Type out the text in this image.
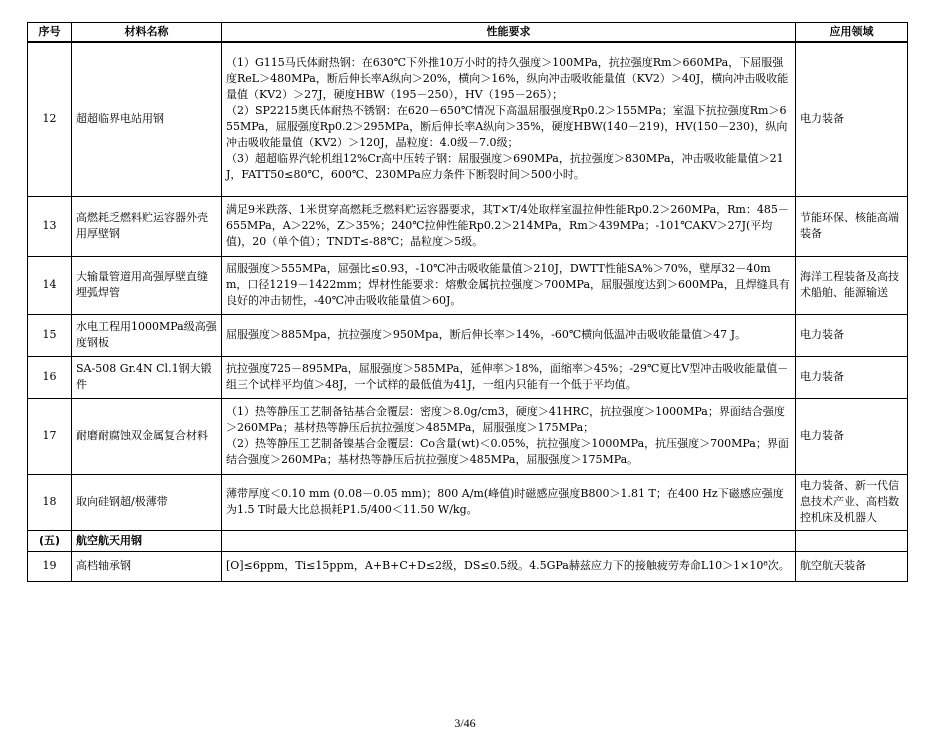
序号	材料名称	性能要求	应用领域
12	超超临界电站用钢	（1）G115马氏体耐热钢：在630℃下外推10万小时的持久强度＞100MPa，抗拉强度Rm＞660MPa，下屈服强度ReL＞480MPa，断后伸长率A纵向＞20%，横向＞16%，纵向冲击吸收能量值（KV2）＞40J，横向冲击吸收能量值（KV2）＞27J，硬度HBW（195－250），HV（195－265）；
（2）SP2215奥氏体耐热不锈钢：在620－650℃情况下高温屈服强度Rp0.2＞155MPa；室温下抗拉强度Rm＞655MPa，屈服强度Rp0.2＞295MPa，断后伸长率A纵向＞35%，硬度HBW(140－219)，HV(150－230)，纵向冲击吸收能量值（KV2）＞120J，晶粒度：4.0级－7.0级；
（3）超超临界汽轮机组12%Cr高中压转子钢：屈服强度＞690MPa，抗拉强度＞830MPa，冲击吸收能量值＞21J，FATT50≤80℃，600℃、230MPa应力条件下断裂时间＞500小时。	电力装备
13	高燃耗乏燃料贮运容器外壳用厚壁钢	满足9米跌落、1米贯穿高燃耗乏燃料贮运容器要求，其T×T/4处取样室温拉伸性能Rp0.2＞260MPa，Rm：485－655MPa，A＞22%，Z＞35%；240℃拉伸性能Rp0.2＞214MPa，Rm＞439MPa；-101℃AKV＞27J(平均值)，20（单个值）；TNDT≤-88℃；晶粒度＞5级。	节能环保、核能高端装备
14	大输量管道用高强厚壁直缝埋弧焊管	屈服强度＞555MPa，屈强比≤0.93，-10℃冲击吸收能量值＞210J，DWTT性能SA%＞70%，壁厚32－40mm，口径1219－1422mm；焊材性能要求：熔敷金属抗拉强度＞700MPa，屈服强度达到＞600MPa，且焊缝具有良好的冲击韧性，-40℃冲击吸收能量值＞60J。	海洋工程装备及高技术船舶、能源输送
15	水电工程用1000MPa级高强度钢板	屈服强度＞885Mpa，抗拉强度＞950Mpa，断后伸长率＞14%，-60℃横向低温冲击吸收能量值＞47 J。	电力装备
16	SA-508 Gr.4N Cl.1钢大锻件	抗拉强度725－895MPa，屈服强度＞585MPa，延伸率＞18%，面缩率＞45%；-29℃夏比V型冲击吸收能量值－组三个试样平均值＞48J，一个试样的最低值为41J，一组内只能有一个低于平均值。	电力装备
17	耐磨耐腐蚀双金属复合材料	（1）热等静压工艺制备钴基合金覆层：密度＞8.0g/cm3，硬度＞41HRC，抗拉强度＞1000MPa；界面结合强度＞260MPa；基材热等静压后抗拉强度＞485MPa，屈服强度＞175MPa；
（2）热等静压工艺制备镍基合金覆层：Co含量(wt)＜0.05%，抗拉强度＞1000MPa，抗压强度＞700MPa；界面结合强度＞260MPa；基材热等静压后抗拉强度＞485MPa，屈服强度＞175MPa。	电力装备
18	取向硅钢超/极薄带	薄带厚度＜0.10 mm (0.08－0.05 mm)；800 A/m(峰值)时磁感应强度B800＞1.81 T；在400 Hz下磁感应强度为1.5 T时最大比总损耗P1.5/400＜11.50 W/kg。	电力装备、新一代信息技术产业、高档数控机床及机器人
(五)	航空航天用钢		
19	高档轴承钢	[O]≤6ppm，Ti≤15ppm，A+B+C+D≤2级，DS≤0.5级。4.5GPa赫兹应力下的接触疲劳寿命L10＞1×10⁸次。	航空航天装备
3/46
